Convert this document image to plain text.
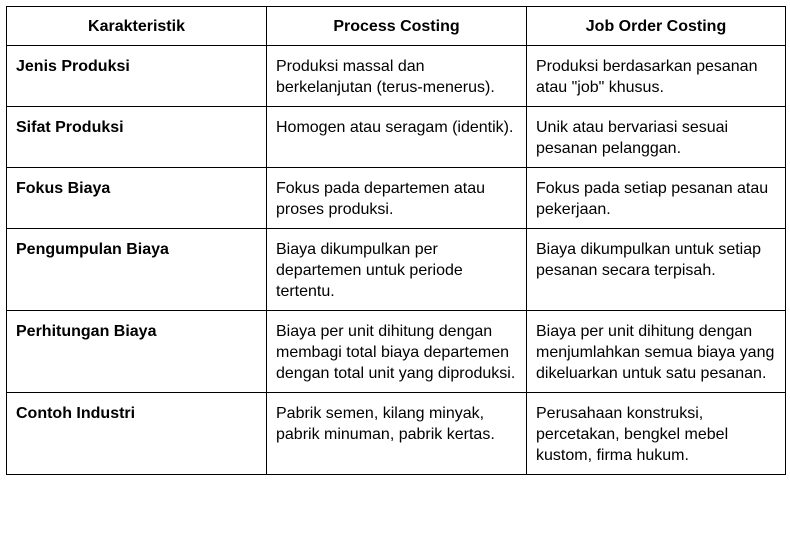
Karakteristik	Process Costing	Job Order Costing
Jenis Produksi	Produksi massal dan berkelanjutan (terus-menerus).	Produksi berdasarkan pesanan atau "job" khusus.
Sifat Produksi	Homogen atau seragam (identik).	Unik atau bervariasi sesuai pesanan pelanggan.
Fokus Biaya	Fokus pada departemen atau proses produksi.	Fokus pada setiap pesanan atau pekerjaan.
Pengumpulan Biaya	Biaya dikumpulkan per departemen untuk periode tertentu.	Biaya dikumpulkan untuk setiap pesanan secara terpisah.
Perhitungan Biaya	Biaya per unit dihitung dengan membagi total biaya departemen dengan total unit yang diproduksi.	Biaya per unit dihitung dengan menjumlahkan semua biaya yang dikeluarkan untuk satu pesanan.
Contoh Industri	Pabrik semen, kilang minyak, pabrik minuman, pabrik kertas.	Perusahaan konstruksi, percetakan, bengkel mebel kustom, firma hukum.
